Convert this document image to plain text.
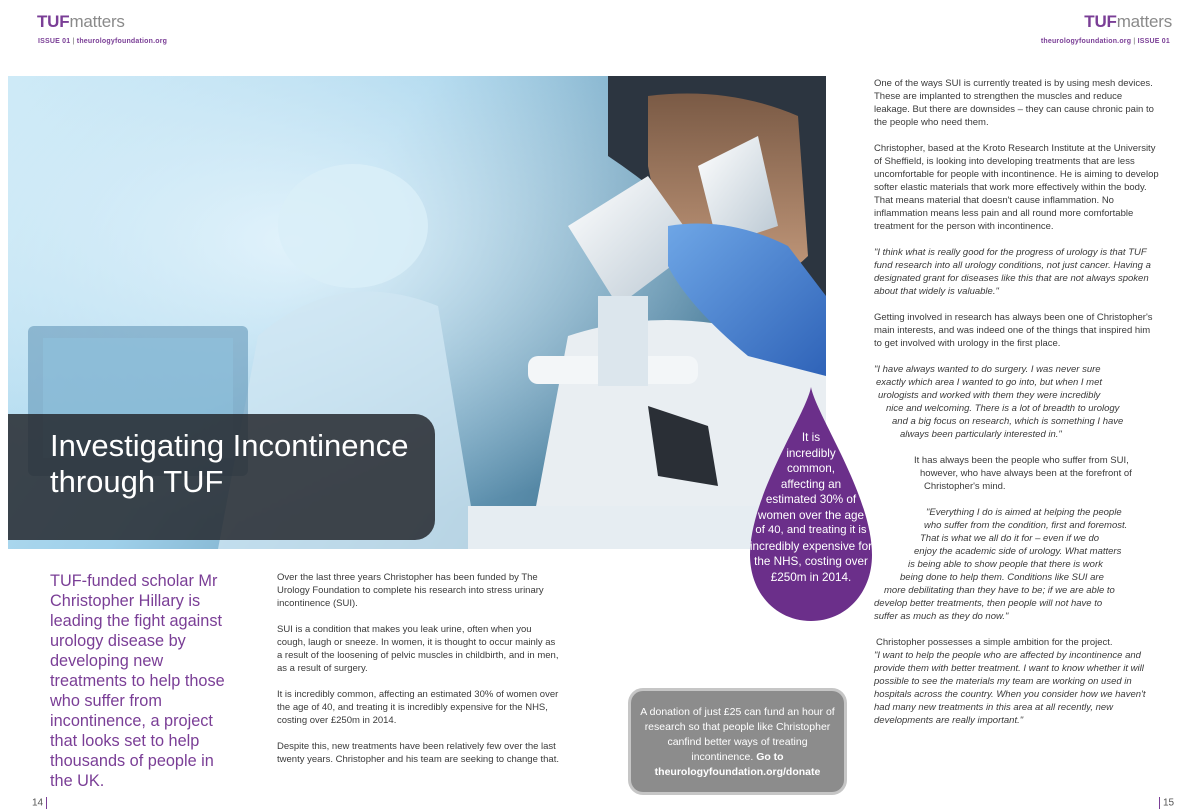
TUFmatters
ISSUE 01 | theurologyfoundation.org
TUFmatters
theurologyfoundation.org | ISSUE 01
Investigating Incontinence
through TUF
TUF-funded scholar Mr Christopher Hillary is leading the fight against urology disease by developing new treatments to help those who suffer from incontinence, a project that looks set to help thousands of people in the UK.

Over the last three years Christopher has been funded by The Urology Foundation to complete his research into stress urinary incontinence (SUI).

SUI is a condition that makes you leak urine, often when you cough, laugh or sneeze. In women, it is thought to occur mainly as a result of the loosening of pelvic muscles in childbirth, and in men, as a result of surgery.

It is incredibly common, affecting an estimated 30% of women over the age of 40, and treating it is incredibly expensive for the NHS, costing over £250m in 2014.

Despite this, new treatments have been relatively few over the last twenty years. Christopher and his team are seeking to change that.

A donation of just £25 can fund an hour of research so that people like Christopher canfind better ways of treating incontinence. Go to theurologyfoundation.org/donate
It is
incredibly
common,
affecting an
estimated 30% of
women over the age
of 40, and treating it is
incredibly expensive for
the NHS, costing over
£250m in 2014.

One of the ways SUI is currently treated is by using mesh devices. These are implanted to strengthen the muscles and reduce leakage. But there are downsides – they can cause chronic pain to the people who need them.

Christopher, based at the Kroto Research Institute at the University of Sheffield, is looking into developing treatments that are less uncomfortable for people with incontinence. He is aiming to develop softer elastic materials that work more effectively within the body. That means material that doesn't cause inflammation. No inflammation means less pain and all round more comfortable treatment for the person with incontinence.

"I think what is really good for the progress of urology is that TUF fund research into all urology conditions, not just cancer. Having a designated grant for diseases like this that are not always spoken about that widely is valuable."

Getting involved in research has always been one of Christopher's main interests, and was indeed one of the things that inspired him to get involved with urology in the first place.

"I have always wanted to do surgery. I was never sure
exactly which area I wanted to go into, but when I met
urologists and worked with them they were incredibly
nice and welcoming. There is a lot of breadth to urology
and a big focus on research, which is something I have
always been particularly interested in."

It has always been the people who suffer from SUI,
however, who have always been at the forefront of
Christopher's mind.

"Everything I do is aimed at helping the people
who suffer from the condition, first and foremost.
That is what we all do it for – even if we do
enjoy the academic side of urology. What matters
is being able to show people that there is work
being done to help them. Conditions like SUI are
more debilitating than they have to be; if we are able to
develop better treatments, then people will not have to
suffer as much as they do now."

Christopher possesses a simple ambition for the project.
"I want to help the people who are affected by incontinence and provide them with better treatment. I want to know whether it will possible to see the materials my team are working on used in hospitals across the country. When you consider how we haven't had many new treatments in this area at all recently, new developments are really important."
14	15
